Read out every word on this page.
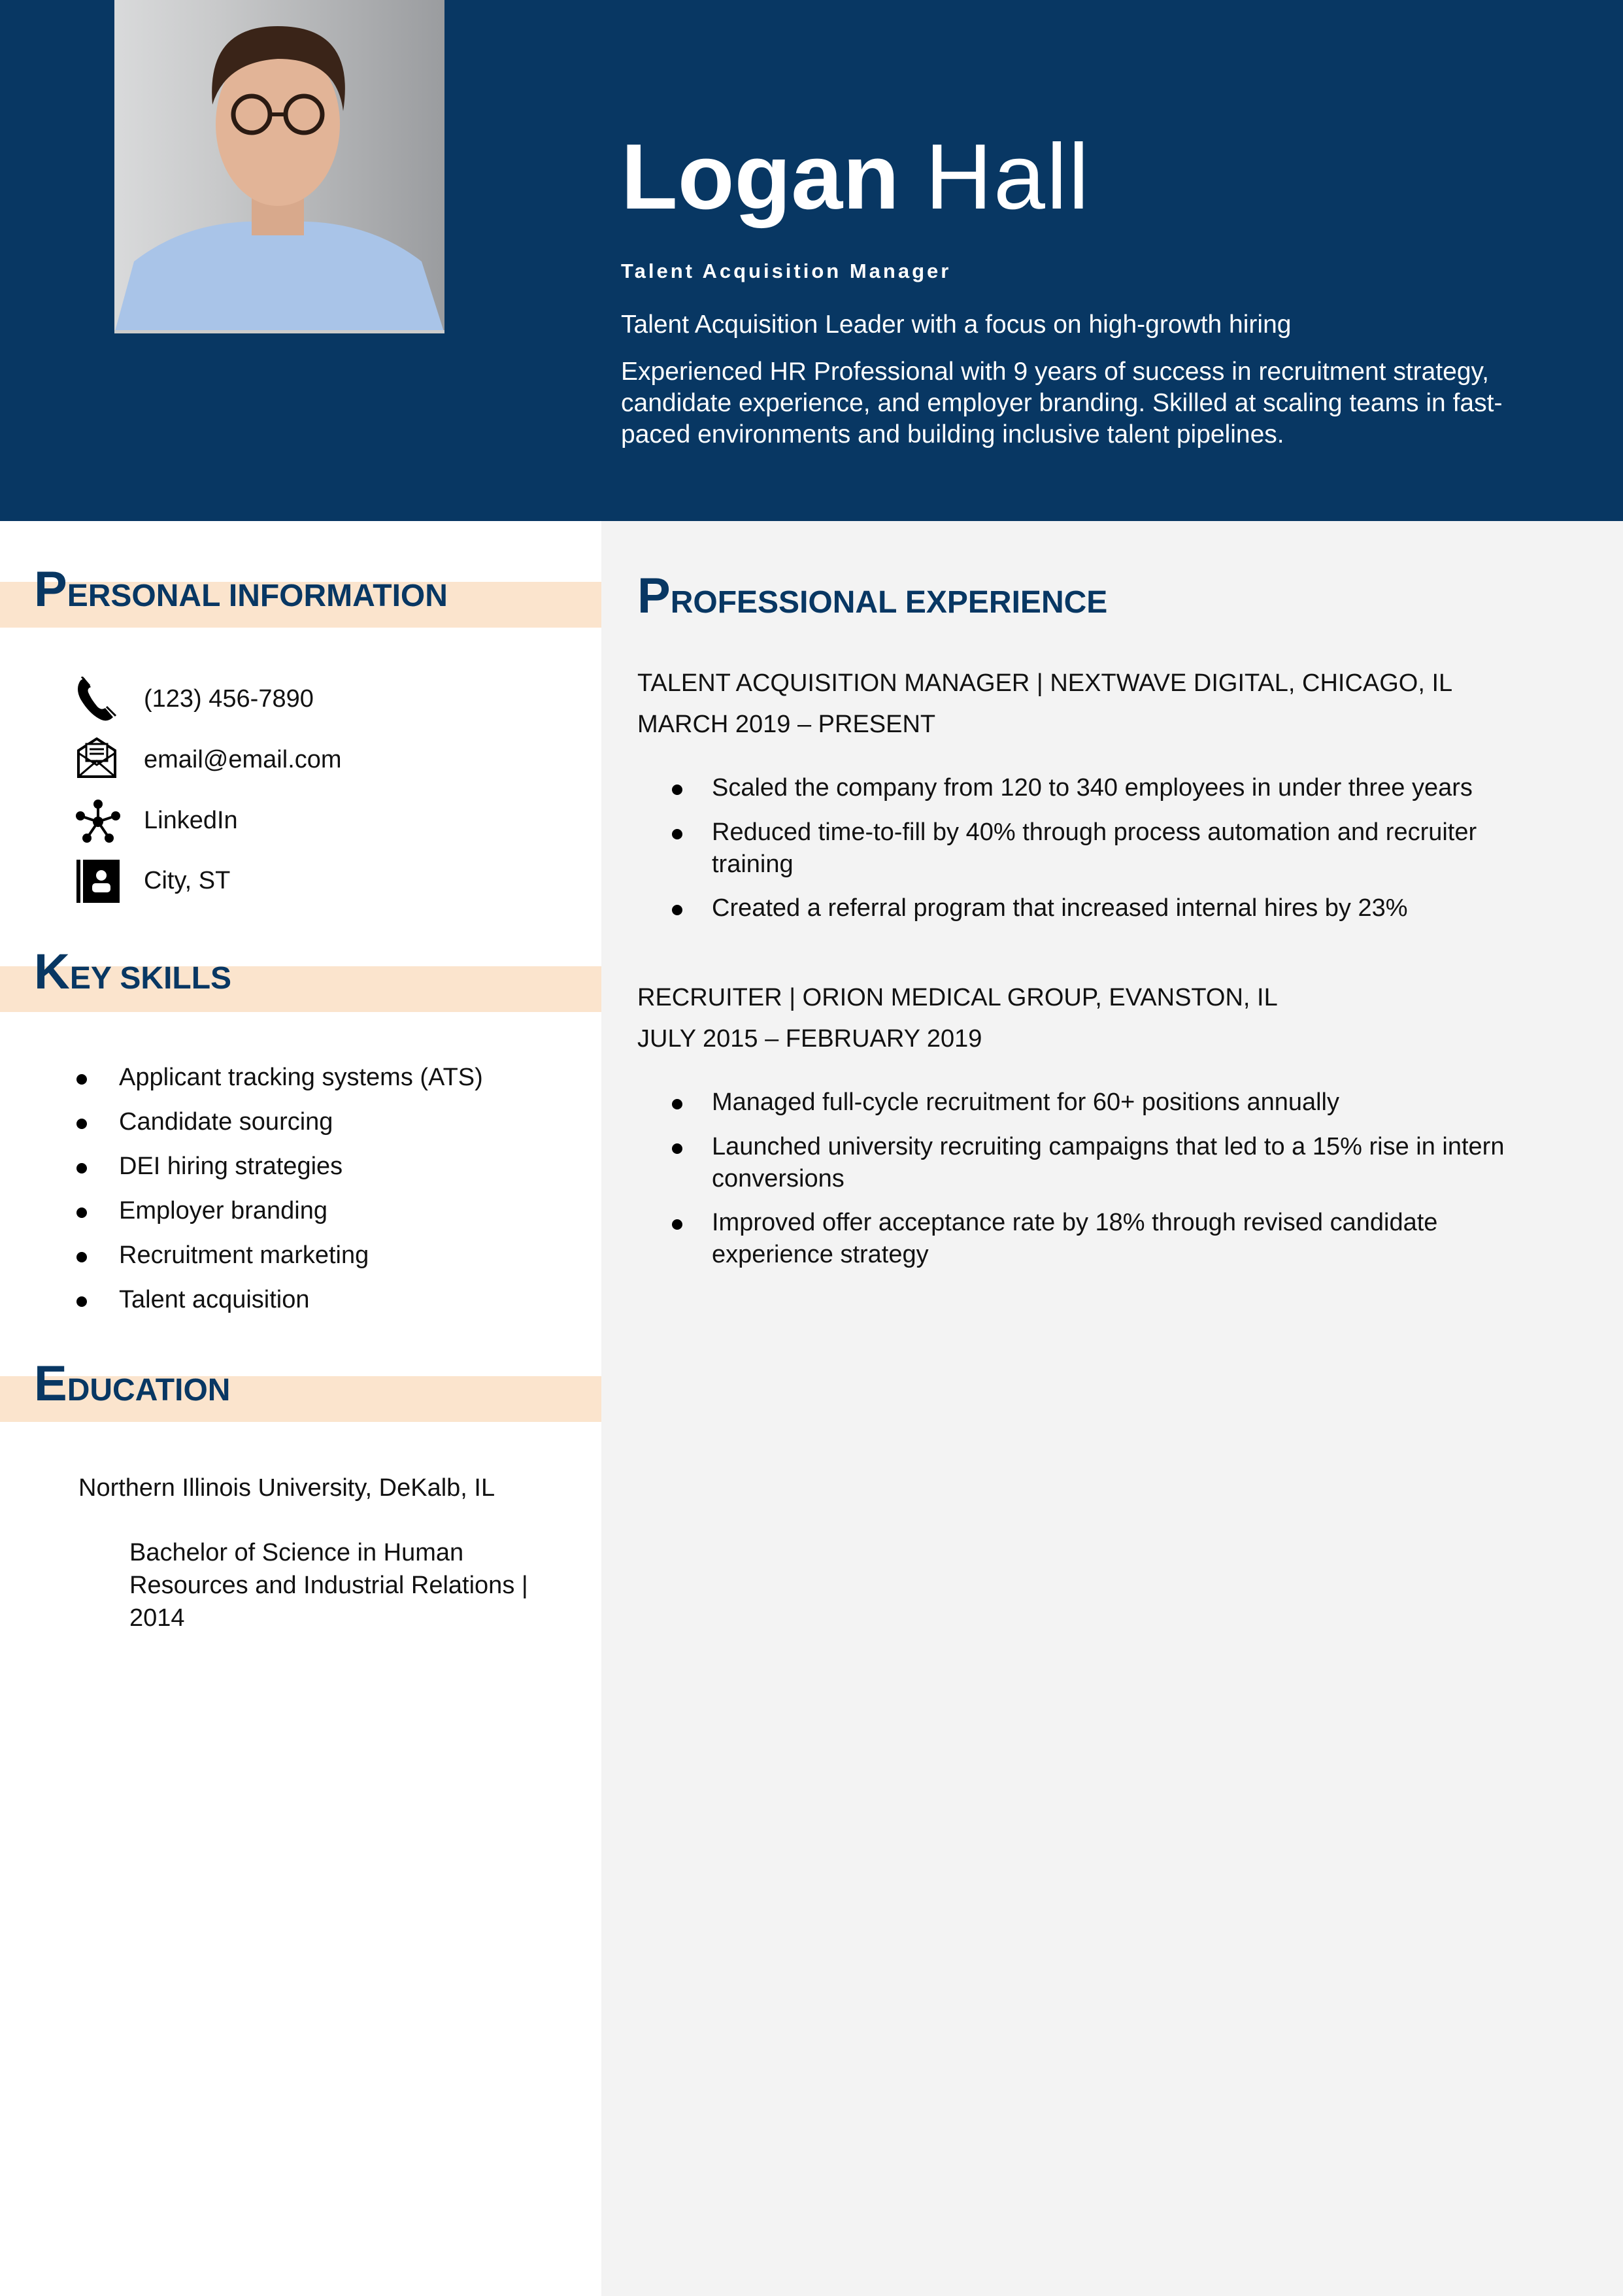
Logan Hall
Talent Acquisition Manager
Talent Acquisition Leader with a focus on high-growth hiring
Experienced HR Professional with 9 years of success in recruitment strategy, candidate experience, and employer branding. Skilled at scaling teams in fast-paced environments and building inclusive talent pipelines.
PERSONAL INFORMATION
(123) 456-7890
email@email.com
LinkedIn
City, ST
KEY SKILLS
EDUCATION
Northern Illinois University, DeKalb, IL
Bachelor of Science in Human
Resources and Industrial Relations |
2014
PROFESSIONAL EXPERIENCE
Applicant tracking systems (ATS)
Candidate sourcing
DEI hiring strategies
Employer branding
Recruitment marketing
Talent acquisition
TALENT ACQUISITION MANAGER | NEXTWAVE DIGITAL, CHICAGO, IL
MARCH 2019 – PRESENT
Scaled the company from 120 to 340 employees in under three years
Reduced time-to-fill by 40% through process automation and recruiter
training
Created a referral program that increased internal hires by 23%
RECRUITER | ORION MEDICAL GROUP, EVANSTON, IL
JULY 2015 – FEBRUARY 2019
Managed full-cycle recruitment for 60+ positions annually
Launched university recruiting campaigns that led to a 15% rise in intern
conversions
Improved offer acceptance rate by 18% through revised candidate
experience strategy
